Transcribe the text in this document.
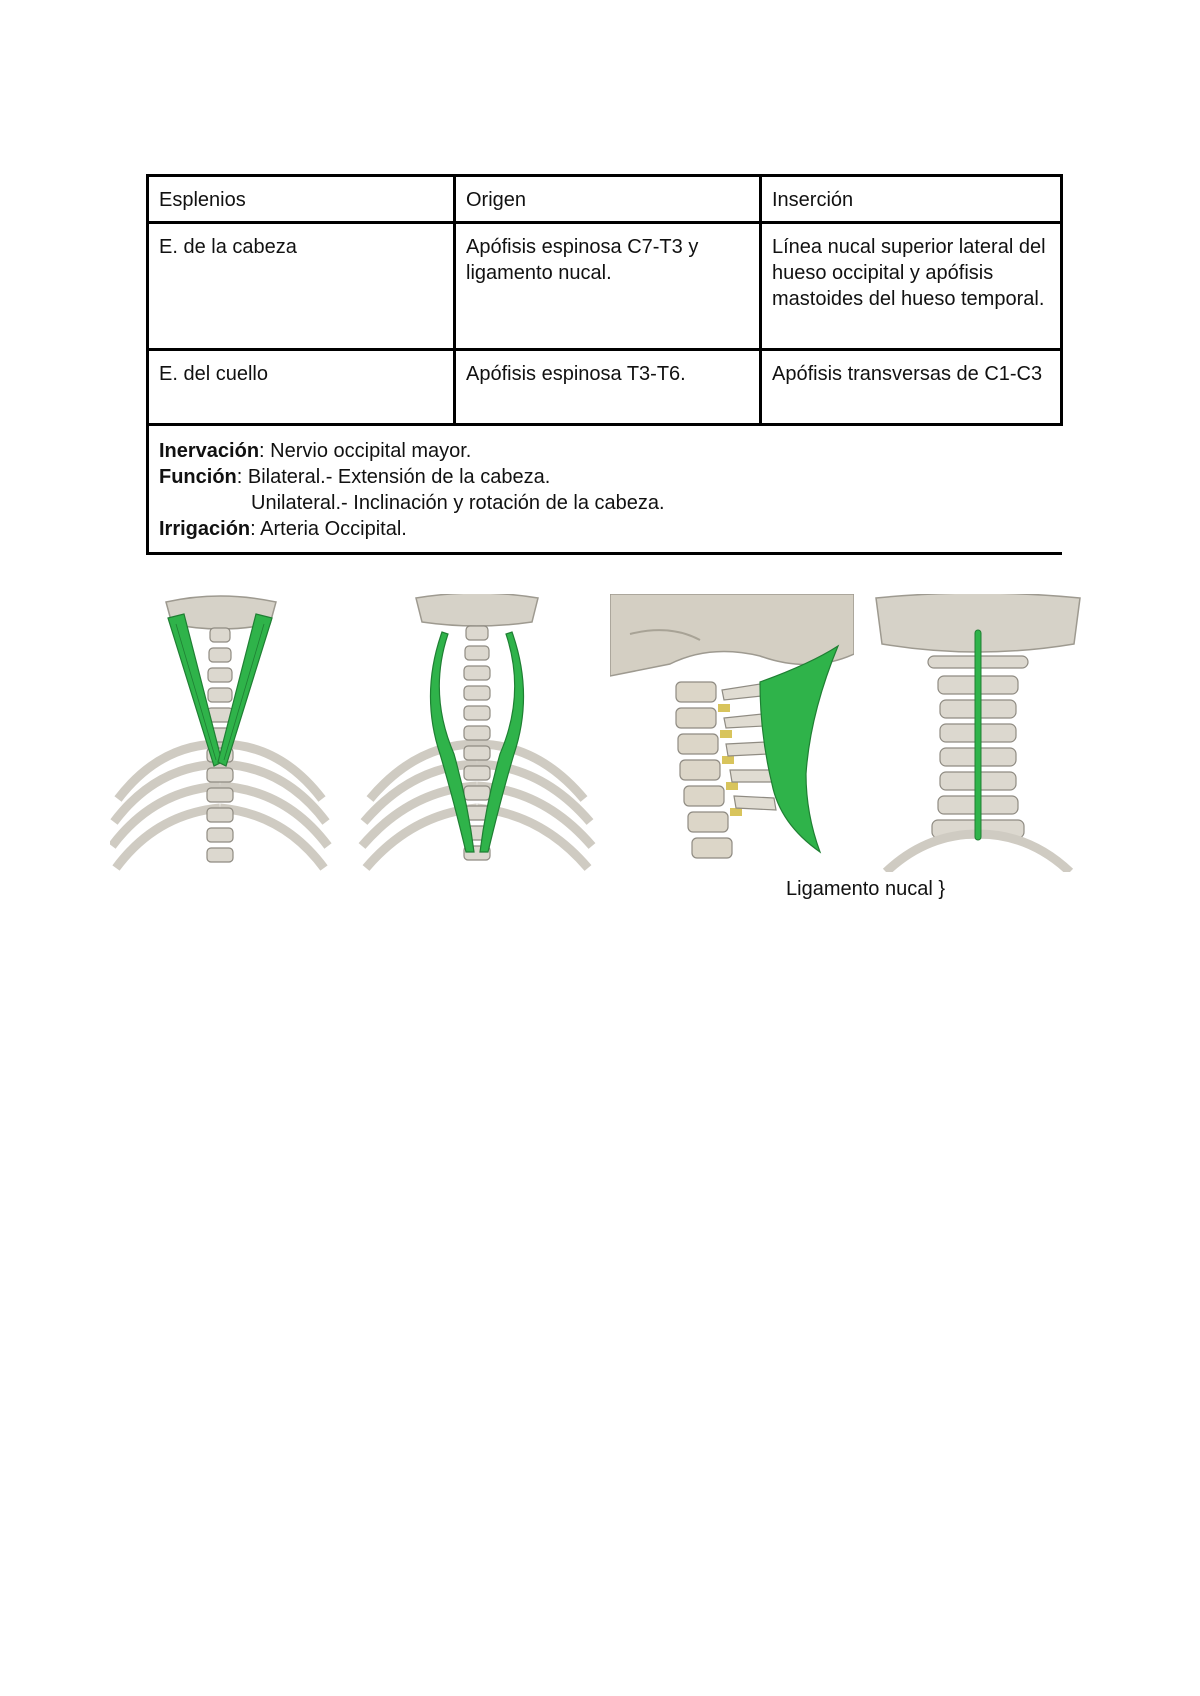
Esplenios	Origen	Inserción
E. de la cabeza	Apófisis espinosa C7-T3 y ligamento nucal.	Línea nucal superior lateral del hueso occipital y apófisis mastoides del hueso temporal.
E. del cuello	Apófisis espinosa T3-T6.	Apófisis transversas de C1-C3

Inervación: Nervio occipital mayor.
Función: Bilateral.- Extensión de la cabeza.
Unilateral.- Inclinación y rotación de la cabeza.
Irrigación: Arteria Occipital.		
Ligamento nucal }
